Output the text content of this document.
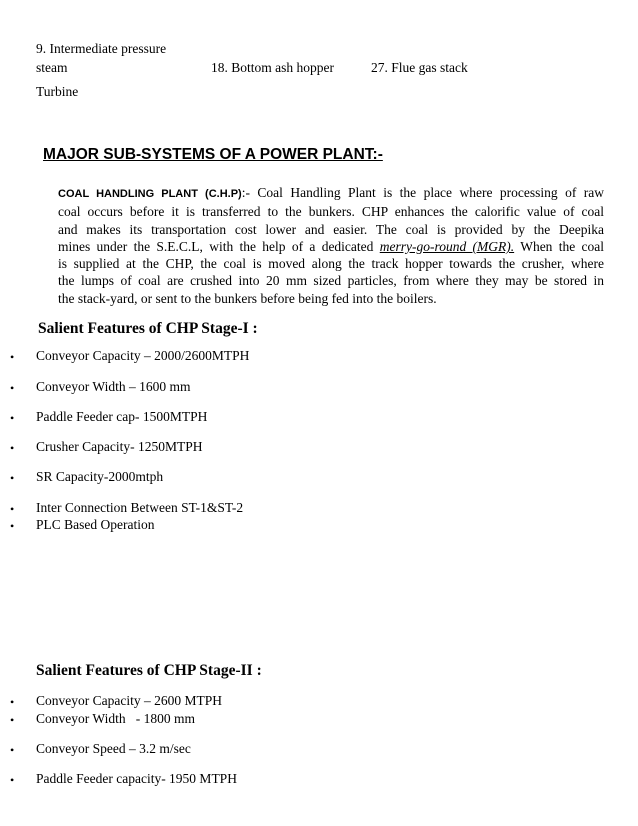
9. Intermediate pressure
steam	18. Bottom ash hopper	27. Flue gas stack
Turbine
MAJOR SUB-SYSTEMS OF A POWER PLANT:-
COAL HANDLING PLANT (C.H.P):- Coal Handling Plant is the place where processing of raw
coal occurs before it is transferred to the bunkers. CHP enhances the calorific value of coal
and makes its transportation cost lower and easier. The coal is provided by the Deepika
mines under the S.E.C.L, with the help of a dedicated merry-go-round (MGR). When the coal
is supplied at the CHP, the coal is moved along the track hopper towards the crusher, where
the lumps of coal are crushed into 20 mm sized particles, from where they may be stored in
the stack-yard, or sent to the bunkers before being fed into the boilers.
Salient Features of CHP Stage-I :
• Conveyor Capacity – 2000/2600MTPH
• Conveyor Width – 1600 mm
• Paddle Feeder cap- 1500MTPH
• Crusher Capacity- 1250MTPH
• SR Capacity-2000mtph
• Inter Connection Between ST-1&ST-2
• PLC Based Operation
Salient Features of CHP Stage-II :
• Conveyor Capacity – 2600 MTPH
• Conveyor Width   - 1800 mm
• Conveyor Speed – 3.2 m/sec
• Paddle Feeder capacity- 1950 MTPH
